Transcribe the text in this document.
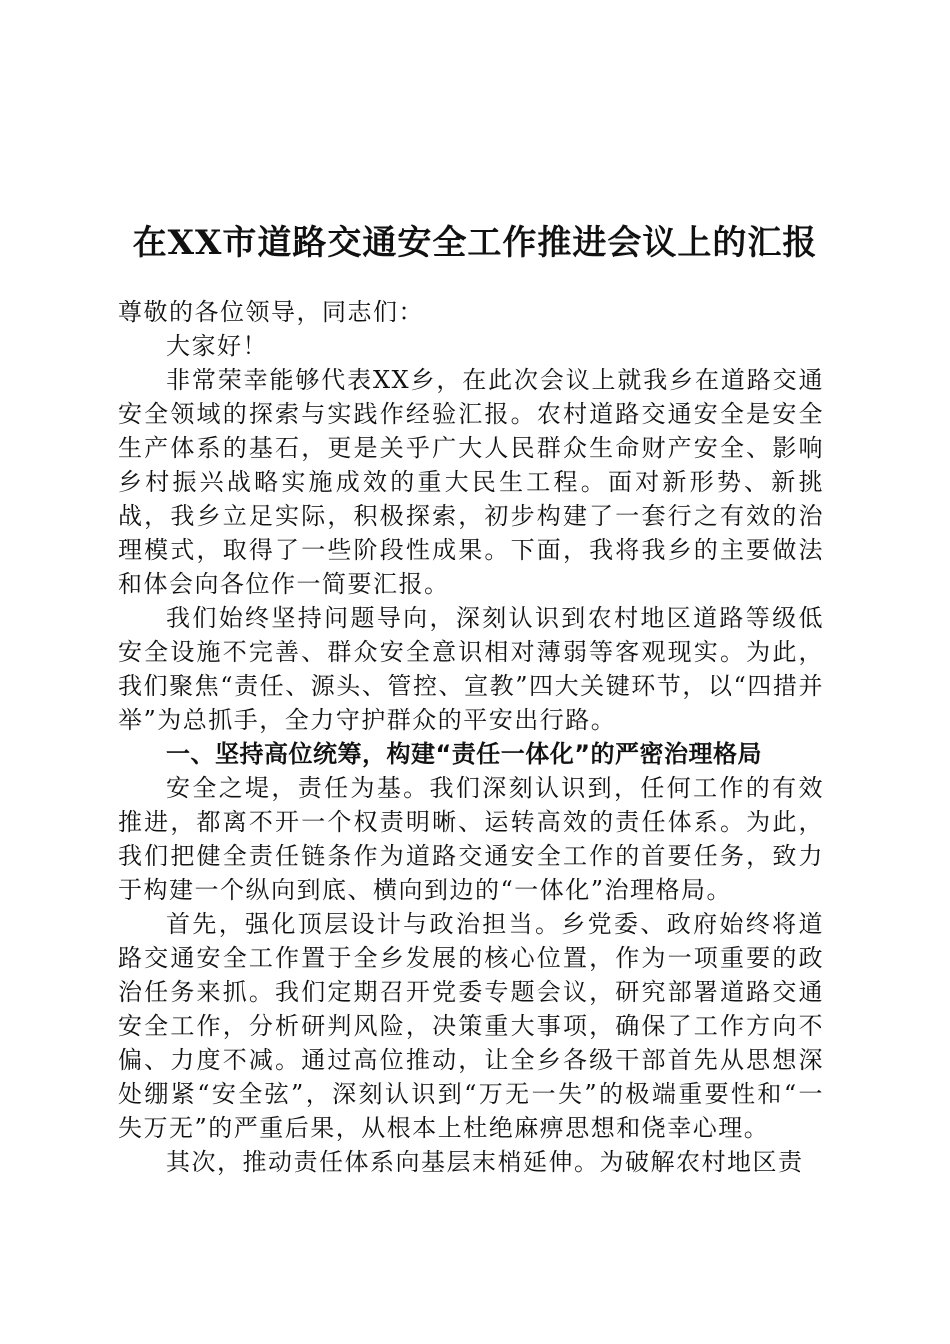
在XX市道路交通安全工作推进会议上的汇报

尊敬的各位领导，同志们：

大家好！

非常荣幸能够代表XX乡，在此次会议上就我乡在道路交通安全领域的探索与实践作经验汇报。农村道路交通安全是安全生产体系的基石，更是关乎广大人民群众生命财产安全、影响乡村振兴战略实施成效的重大民生工程。面对新形势、新挑战，我乡立足实际，积极探索，初步构建了一套行之有效的治理模式，取得了一些阶段性成果。下面，我将我乡的主要做法和体会向各位作一简要汇报。

我们始终坚持问题导向，深刻认识到农村地区道路等级低安全设施不完善、群众安全意识相对薄弱等客观现实。为此，我们聚焦“责任、源头、管控、宣教”四大关键环节，以“四措并举”为总抓手，全力守护群众的平安出行路。

一、坚持高位统筹，构建“责任一体化”的严密治理格局

安全之堤，责任为基。我们深刻认识到，任何工作的有效推进，都离不开一个权责明晰、运转高效的责任体系。为此，我们把健全责任链条作为道路交通安全工作的首要任务，致力于构建一个纵向到底、横向到边的“一体化”治理格局。

首先，强化顶层设计与政治担当。乡党委、政府始终将道路交通安全工作置于全乡发展的核心位置，作为一项重要的政治任务来抓。我们定期召开党委专题会议，研究部署道路交通安全工作，分析研判风险，决策重大事项，确保了工作方向不偏、力度不减。通过高位推动，让全乡各级干部首先从思想深处绷紧“安全弦”，深刻认识到“万无一失”的极端重要性和“一失万无”的严重后果，从根本上杜绝麻痹思想和侥幸心理。

其次，推动责任体系向基层末梢延伸。为破解农村地区责
